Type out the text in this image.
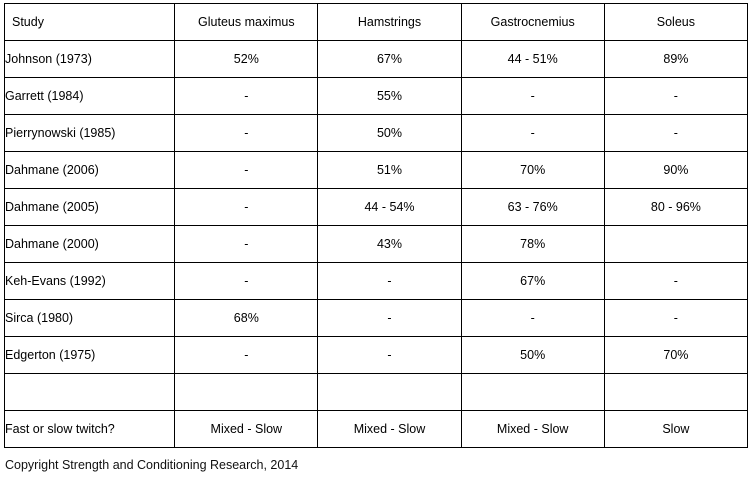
Study	Gluteus maximus	Hamstrings	Gastrocnemius	Soleus
Johnson (1973)	52%	67%	44 - 51%	89%
Garrett (1984)	-	55%	-	-
Pierrynowski (1985)	-	50%	-	-
Dahmane (2006)	-	51%	70%	90%
Dahmane (2005)	-	44 - 54%	63 - 76%	80 - 96%
Dahmane (2000)	-	43%	78%	
Keh-Evans (1992)	-	-	67%	-
Sirca (1980)	68%	-	-	-
Edgerton (1975)	-	-	50%	70%

Fast or slow twitch?	Mixed - Slow	Mixed - Slow	Mixed - Slow	Slow
Copyright Strength and Conditioning Research, 2014
